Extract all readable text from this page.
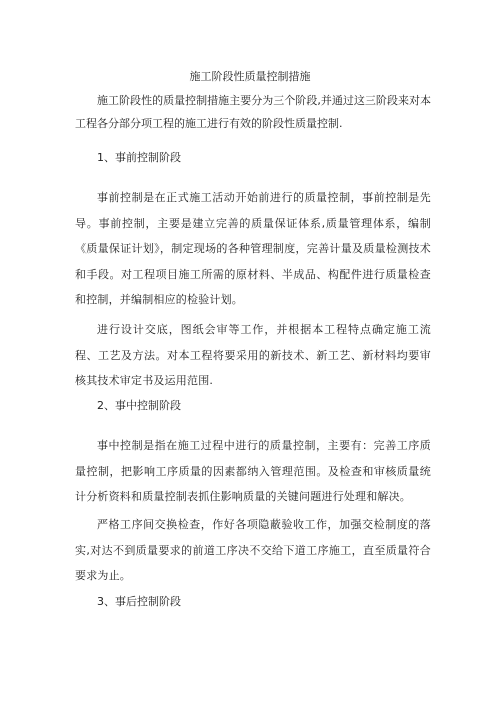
施工阶段性质量控制措施
施工阶段性的质量控制措施主要分为三个阶段,并通过这三阶段来对本工程各分部分项工程的施工进行有效的阶段性质量控制.
1、事前控制阶段
事前控制是在正式施工活动开始前进行的质量控制，事前控制是先导。事前控制，主要是建立完善的质量保证体系,质量管理体系，编制《质量保证计划》，制定现场的各种管理制度，完善计量及质量检测技术和手段。对工程项目施工所需的原材料、半成品、构配件进行质量检查和控制，并编制相应的检验计划。
进行设计交底，图纸会审等工作，并根据本工程特点确定施工流程、工艺及方法。对本工程将要采用的新技术、新工艺、新材料均要审核其技术审定书及运用范围.
2、事中控制阶段
事中控制是指在施工过程中进行的质量控制，主要有：完善工序质量控制，把影响工序质量的因素都纳入管理范围。及检查和审核质量统计分析资料和质量控制表抓住影响质量的关键问题进行处理和解决。
严格工序间交换检查，作好各项隐蔽验收工作，加强交检制度的落实,对达不到质量要求的前道工序决不交给下道工序施工，直至质量符合要求为止。
3、事后控制阶段
